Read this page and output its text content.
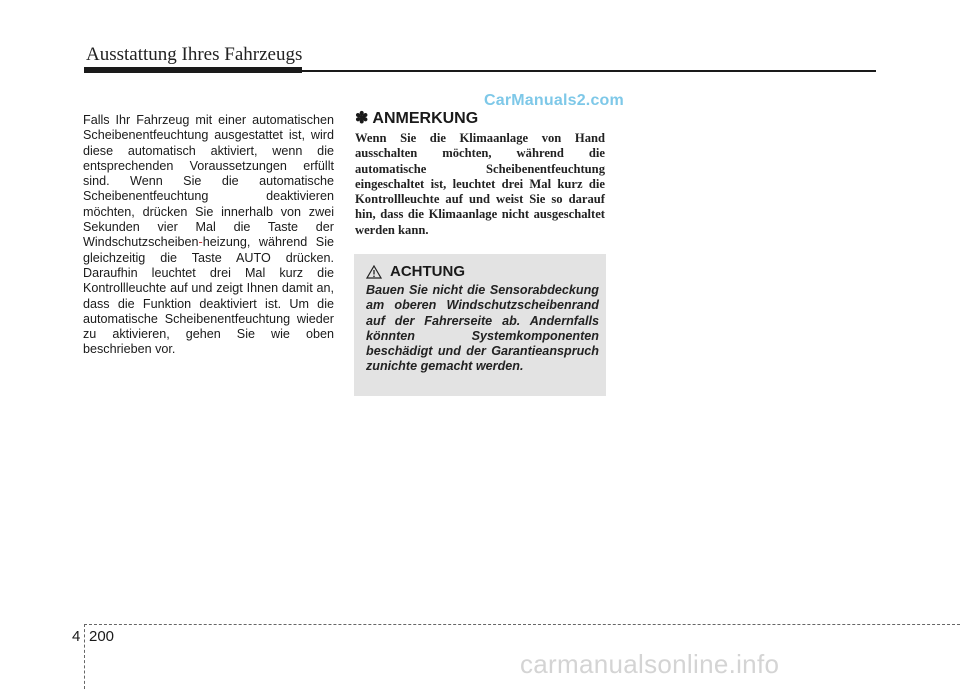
Ausstattung Ihres Fahrzeugs

Falls Ihr Fahrzeug mit einer automatischen Scheibenentfeuchtung ausgestattet ist, wird diese automatisch aktiviert, wenn die entsprechenden Voraussetzungen erfüllt sind. Wenn Sie die automatische Scheibenentfeuchtung deaktivieren möchten, drücken Sie innerhalb von zwei Sekunden vier Mal die Taste der Windschutzscheiben-heizung, während Sie gleichzeitig die Taste AUTO drücken. Daraufhin leuchtet drei Mal kurz die Kontrollleuchte auf und zeigt Ihnen damit an, dass die Funktion deaktiviert ist. Um die automatische Scheibenentfeuchtung wieder zu aktivieren, gehen Sie wie oben beschrieben vor.

CarManuals2.com
✽ ANMERKUNG
Wenn Sie die Klimaanlage von Hand ausschalten möchten, während die automatische Scheibenentfeuchtung eingeschaltet ist, leuchtet drei Mal kurz die Kontrollleuchte auf und weist Sie so darauf hin, dass die Klimaanlage nicht ausgeschaltet werden kann.
ACHTUNG
Bauen Sie nicht die Sensorabdeckung am oberen Windschutzscheibenrand auf der Fahrerseite ab. Andernfalls könnten Systemkomponenten beschädigt und der Garantieanspruch zunichte gemacht werden.
4 200
carmanualsonline.info
